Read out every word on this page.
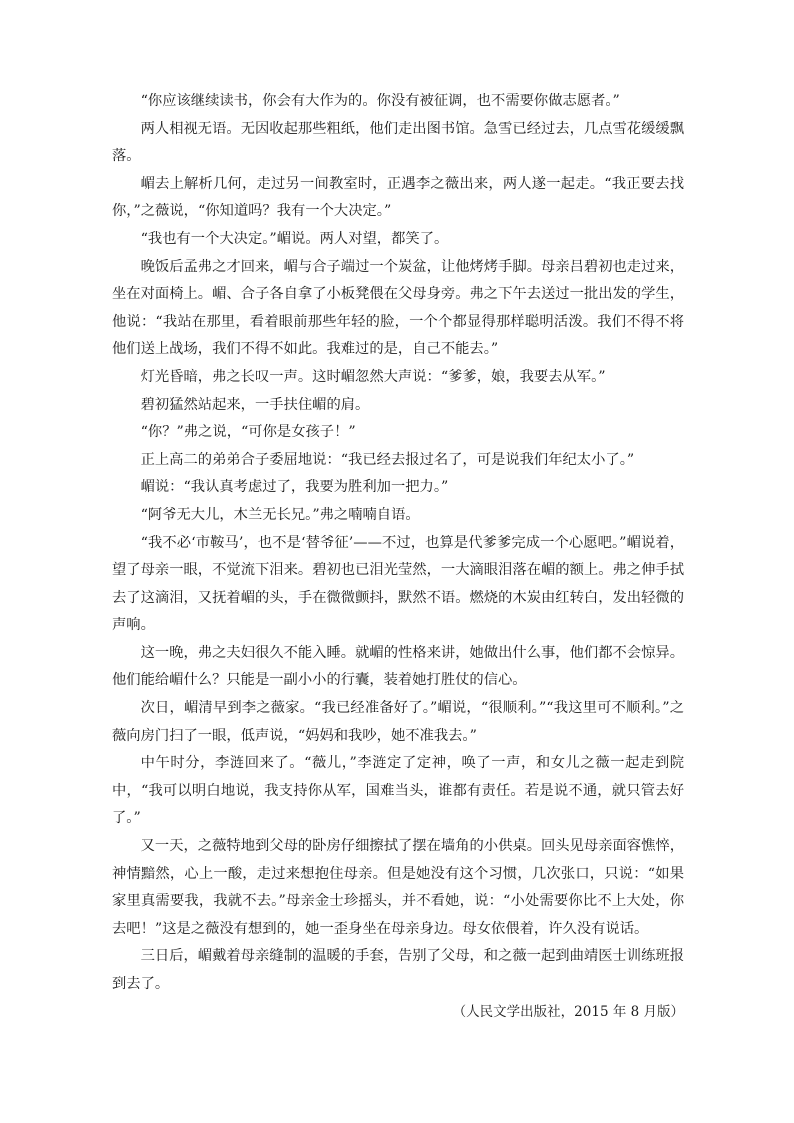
“你应该继续读书，你会有大作为的。你没有被征调，也不需要你做志愿者。”

两人相视无语。无因收起那些粗纸，他们走出图书馆。急雪已经过去，几点雪花缓缓飘落。

嵋去上解析几何，走过另一间教室时，正遇李之薇出来，两人遂一起走。“我正要去找你，”之薇说，“你知道吗？我有一个大决定。”

“我也有一个大决定。”嵋说。两人对望，都笑了。

晚饭后孟弗之才回来，嵋与合子端过一个炭盆，让他烤烤手脚。母亲吕碧初也走过来，坐在对面椅上。嵋、合子各自拿了小板凳偎在父母身旁。弗之下午去送过一批出发的学生，他说：“我站在那里，看着眼前那些年轻的脸，一个个都显得那样聪明活泼。我们不得不将他们送上战场，我们不得不如此。我难过的是，自己不能去。”

灯光昏暗，弗之长叹一声。这时嵋忽然大声说：“爹爹，娘，我要去从军。”

碧初猛然站起来，一手扶住嵋的肩。

“你？”弗之说，“可你是女孩子！”

正上高二的弟弟合子委屈地说：“我已经去报过名了，可是说我们年纪太小了。”

嵋说：“我认真考虑过了，我要为胜利加一把力。”

“阿爷无大儿，木兰无长兄。”弗之喃喃自语。

“我不必‘市鞍马’，也不是‘替爷征’——不过，也算是代爹爹完成一个心愿吧。”嵋说着，望了母亲一眼，不觉流下泪来。碧初也已泪光莹然，一大滴眼泪落在嵋的额上。弗之伸手拭去了这滴泪，又抚着嵋的头，手在微微颤抖，默然不语。燃烧的木炭由红转白，发出轻微的声响。

这一晚，弗之夫妇很久不能入睡。就嵋的性格来讲，她做出什么事，他们都不会惊异。他们能给嵋什么？只能是一副小小的行囊，装着她打胜仗的信心。

次日，嵋清早到李之薇家。“我已经准备好了。”嵋说，“很顺利。”“我这里可不顺利。”之薇向房门扫了一眼，低声说，“妈妈和我吵，她不准我去。”

中午时分，李涟回来了。“薇儿，”李涟定了定神，唤了一声，和女儿之薇一起走到院中，“我可以明白地说，我支持你从军，国难当头，谁都有责任。若是说不通，就只管去好了。”

又一天，之薇特地到父母的卧房仔细擦拭了摆在墙角的小供桌。回头见母亲面容憔悴，神情黯然，心上一酸，走过来想抱住母亲。但是她没有这个习惯，几次张口，只说：“如果家里真需要我，我就不去。”母亲金士珍摇头，并不看她，说：“小处需要你比不上大处，你去吧！”这是之薇没有想到的，她一歪身坐在母亲身边。母女依偎着，许久没有说话。

三日后，嵋戴着母亲缝制的温暖的手套，告别了父母，和之薇一起到曲靖医士训练班报到去了。

（人民文学出版社，2015 年 8 月版）
